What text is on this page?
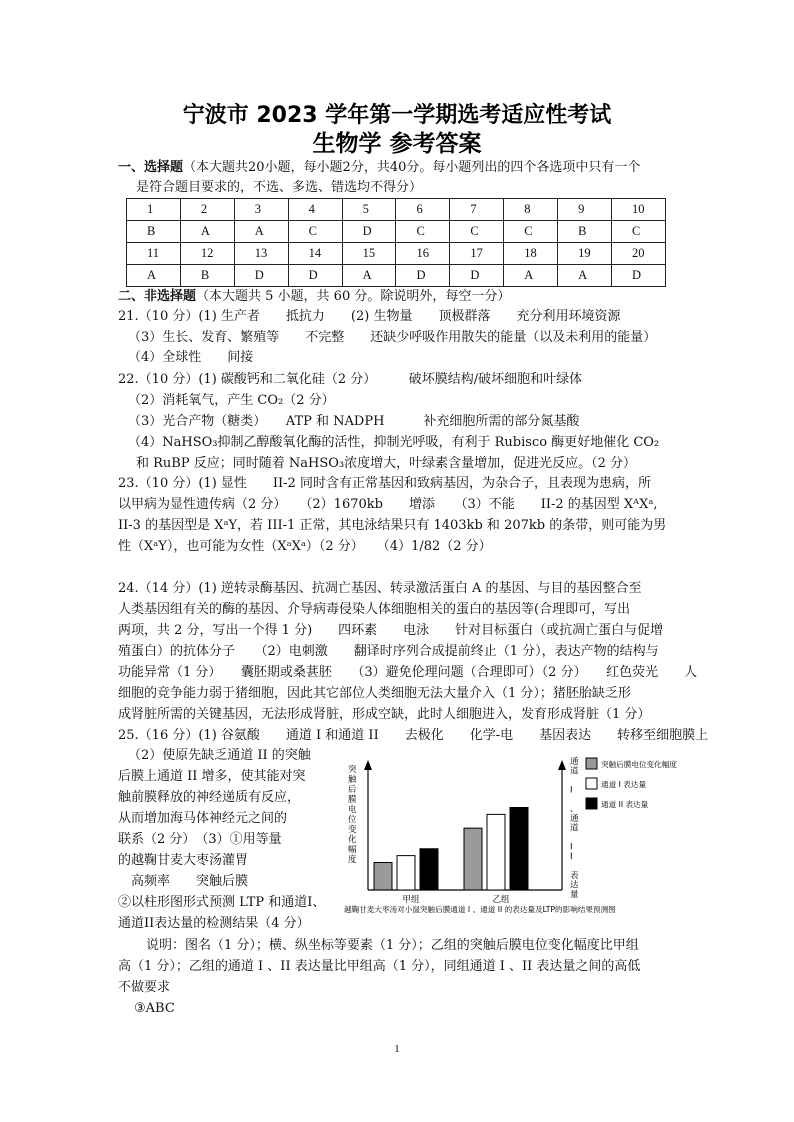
宁波市 2023 学年第一学期选考适应性考试
生物学 参考答案
一、选择题（本大题共20小题，每小题2分，共40分。每小题列出的四个各选项中只有一个
是符合题目要求的，不选、多选、错选均不得分）
1	2	3	4	5	6	7	8	9	10
B	A	A	C	D	C	C	C	B	C
11	12	13	14	15	16	17	18	19	20
A	B	D	D	A	D	D	A	A	D
二、非选择题（本大题共 5 小题，共 60 分。除说明外，每空一分）
21.（10 分）(1) 生产者　　抵抗力　　(2) 生物量　　顶极群落　　充分利用环境资源
（3）生长、发育、繁殖等　　不完整　　还缺少呼吸作用散失的能量（以及未利用的能量）
（4）全球性　　间接
22.（10 分）(1) 碳酸钙和二氧化硅（2 分）　　　破坏膜结构/破坏细胞和叶绿体
（2）消耗氧气，产生 CO₂（2 分）
（3）光合产物（糖类）　　ATP 和 NADPH　　　补充细胞所需的部分氮基酸
（4）NaHSO₃抑制乙醇酸氧化酶的活性，抑制光呼吸，有利于 Rubisco 酶更好地催化 CO₂
和 RuBP 反应；同时随着 NaHSO₃浓度增大，叶绿素含量增加，促进光反应。（2 分）
23.（10 分）(1) 显性　　II-2 同时含有正常基因和致病基因，为杂合子，且表现为患病，所
以甲病为显性遗传病（2 分）　　（2）1670kb　　增添　　（3）不能　　II-2 的基因型 XᴬXᵃ,
II-3 的基因型是 XᵃY，若 III-1 正常，其电泳结果只有 1403kb 和 207kb 的条带，则可能为男
性（XᵃY），也可能为女性（XᵃXᵃ）（2 分）　　（4）1/82（2 分）
24.（14 分）(1) 逆转录酶基因、抗凋亡基因、转录激活蛋白 A 的基因、与目的基因整合至
人类基因组有关的酶的基因、介导病毒侵染人体细胞相关的蛋白的基因等(合理即可，写出
两项，共 2 分，写出一个得 1 分)　　四环素　　电泳　　针对目标蛋白（或抗凋亡蛋白与促增
殖蛋白）的抗体分子　　（2）电刺激　　翻译时序列合成提前终止（1 分），表达产物的结构与
功能异常（1 分）　　囊胚期或桑葚胚　　（3）避免伦理问题（合理即可）（2 分）　　红色荧光　　人
细胞的竞争能力弱于猪细胞，因此其它部位人类细胞无法大量介入（1 分）；猪胚胎缺乏形
成肾脏所需的关键基因，无法形成肾脏，形成空缺，此时人细胞进入，发育形成肾脏（1 分）
25.（16 分）(1) 谷氨酸　　通道 I 和通道 II　　去极化　　化学-电　　基因表达　　转移至细胞膜上
（2）使原先缺乏通道 II 的突触
后膜上通道 II 增多，使其能对突
触前膜释放的神经递质有反应，
从而增加海马体神经元之间的
联系（2 分）　（3）①用等量
的越鞠甘麦大枣汤灌胃
　高频率　　突触后膜
②以柱形图形式预测 LTP 和通道I、
通道II表达量的检测结果（4 分）
突触后膜电位变化幅度
通道 I 、通道 I I 表达量
甲组	乙组
突触后膜电位变化幅度
通道 I 表达量
通道 II 表达量
越鞠甘麦大枣汤对小鼠突触后膜通道 I 、通道 II 的表达量及LTP的影响结果预测图
说明：图名（1 分）；横、纵坐标等要素（1 分）；乙组的突触后膜电位变化幅度比甲组
高（1 分）；乙组的通道 I 、II 表达量比甲组高（1 分），同组通道 I 、II 表达量之间的高低
不做要求
③ABC
1
